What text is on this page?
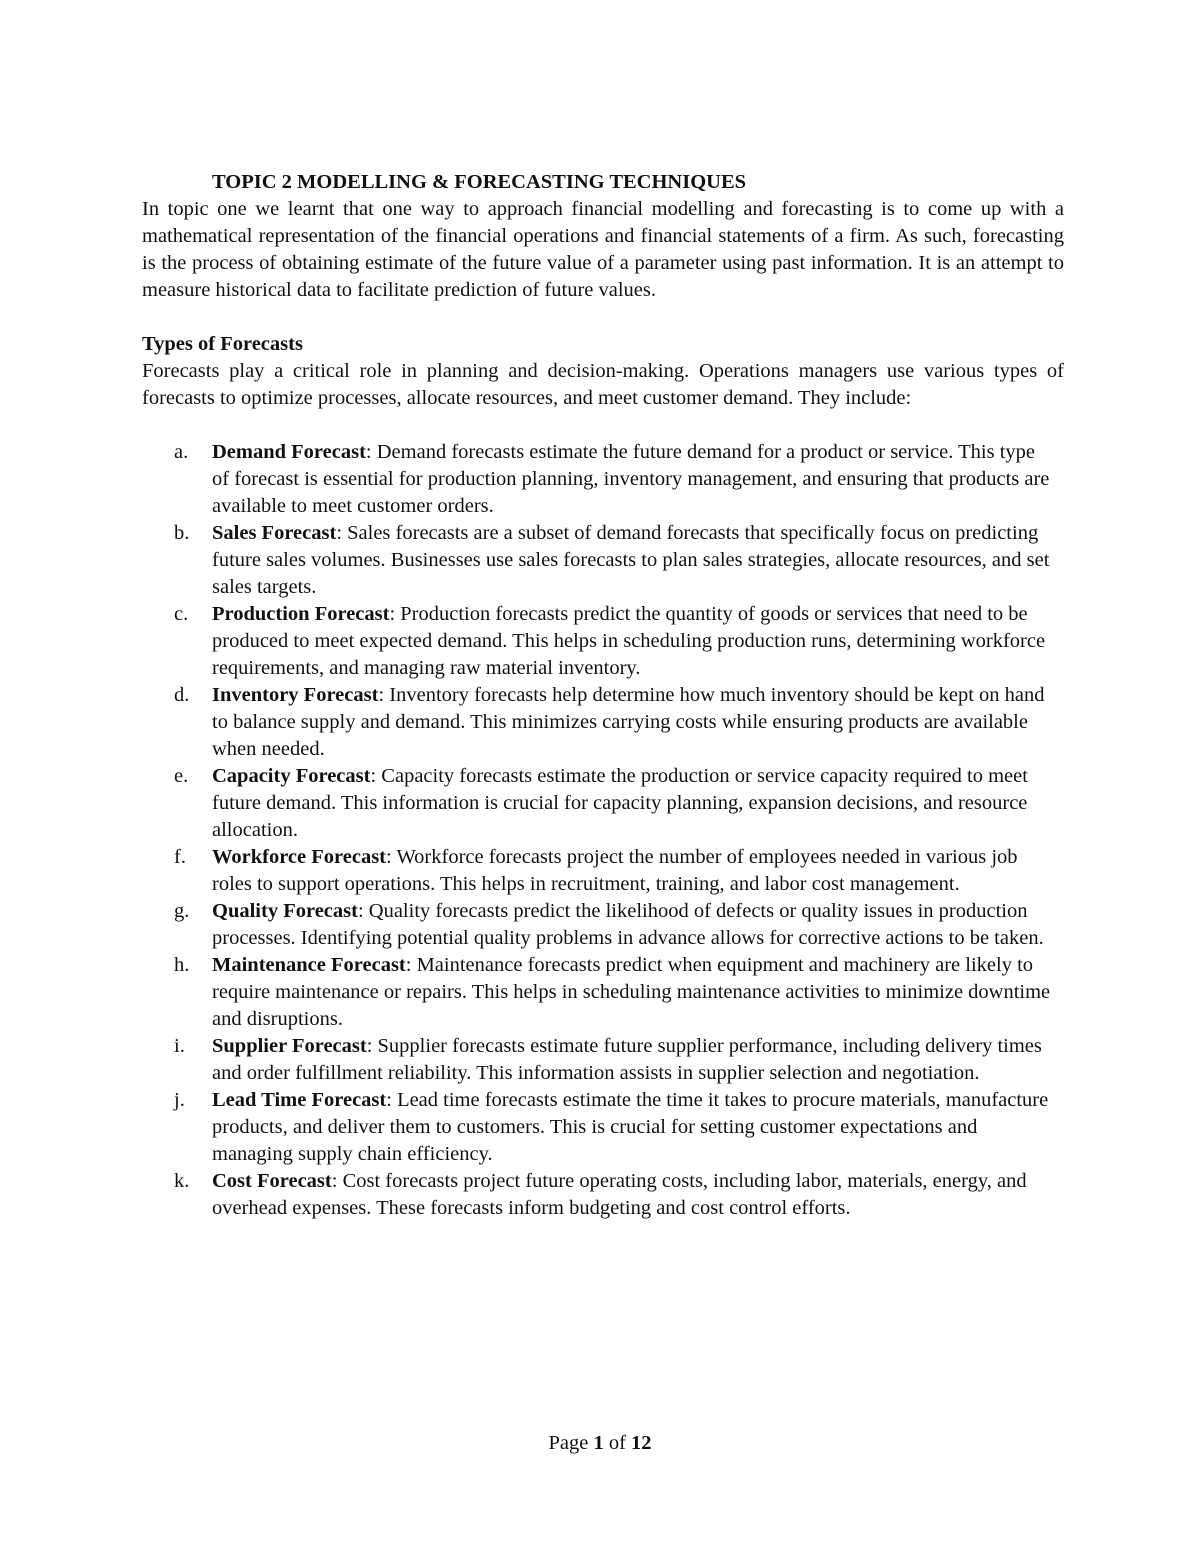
TOPIC 2 MODELLING & FORECASTING TECHNIQUES

In topic one we learnt that one way to approach financial modelling and forecasting is to come up with a mathematical representation of the financial operations and financial statements of a firm. As such, forecasting is the process of obtaining estimate of the future value of a parameter using past information. It is an attempt to measure historical data to facilitate prediction of future values.

Types of Forecasts

Forecasts play a critical role in planning and decision-making. Operations managers use various types of forecasts to optimize processes, allocate resources, and meet customer demand. They include:

a. Demand Forecast: Demand forecasts estimate the future demand for a product or service. This type of forecast is essential for production planning, inventory management, and ensuring that products are available to meet customer orders.
b. Sales Forecast: Sales forecasts are a subset of demand forecasts that specifically focus on predicting future sales volumes. Businesses use sales forecasts to plan sales strategies, allocate resources, and set sales targets.
c. Production Forecast: Production forecasts predict the quantity of goods or services that need to be produced to meet expected demand. This helps in scheduling production runs, determining workforce requirements, and managing raw material inventory.
d. Inventory Forecast: Inventory forecasts help determine how much inventory should be kept on hand to balance supply and demand. This minimizes carrying costs while ensuring products are available when needed.
e. Capacity Forecast: Capacity forecasts estimate the production or service capacity required to meet future demand. This information is crucial for capacity planning, expansion decisions, and resource allocation.
f. Workforce Forecast: Workforce forecasts project the number of employees needed in various job roles to support operations. This helps in recruitment, training, and labor cost management.
g. Quality Forecast: Quality forecasts predict the likelihood of defects or quality issues in production processes. Identifying potential quality problems in advance allows for corrective actions to be taken.
h. Maintenance Forecast: Maintenance forecasts predict when equipment and machinery are likely to require maintenance or repairs. This helps in scheduling maintenance activities to minimize downtime and disruptions.
i. Supplier Forecast: Supplier forecasts estimate future supplier performance, including delivery times and order fulfillment reliability. This information assists in supplier selection and negotiation.
j. Lead Time Forecast: Lead time forecasts estimate the time it takes to procure materials, manufacture products, and deliver them to customers. This is crucial for setting customer expectations and managing supply chain efficiency.
k. Cost Forecast: Cost forecasts project future operating costs, including labor, materials, energy, and overhead expenses. These forecasts inform budgeting and cost control efforts.
Page 1 of 12
